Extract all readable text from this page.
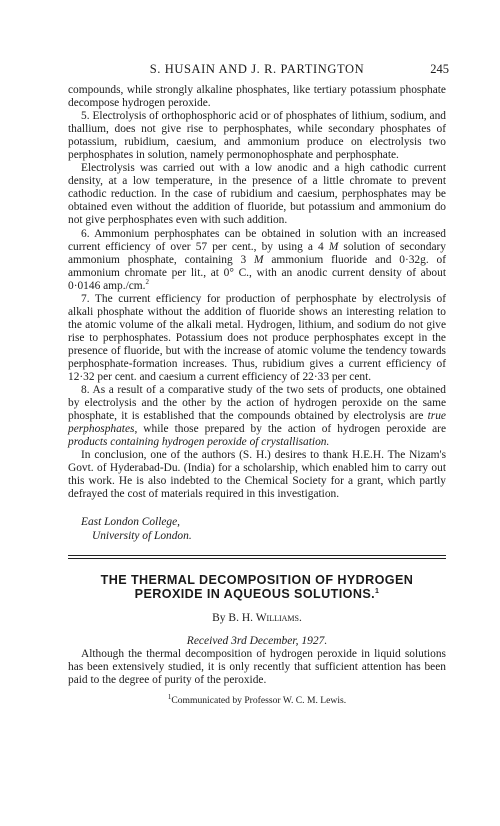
S. HUSAIN AND J. R. PARTINGTON	245

compounds, while strongly alkaline phosphates, like tertiary potassium phosphate decompose hydrogen peroxide.

5. Electrolysis of orthophosphoric acid or of phosphates of lithium, sodium, and thallium, does not give rise to perphosphates, while secondary phosphates of potassium, rubidium, caesium, and ammonium produce on electrolysis two perphosphates in solution, namely permonophosphate and perphosphate.

Electrolysis was carried out with a low anodic and a high cathodic current density, at a low temperature, in the presence of a little chromate to prevent cathodic reduction. In the case of rubidium and caesium, perphosphates may be obtained even without the addition of fluoride, but potassium and ammonium do not give perphosphates even with such addition.

6. Ammonium perphosphates can be obtained in solution with an increased current efficiency of over 57 per cent., by using a 4 M solution of secondary ammonium phosphate, containing 3 M ammonium fluoride and 0·32g. of ammonium chromate per lit., at 0° C., with an anodic current density of about 0·0146 amp./cm.$^2$

7. The current efficiency for production of perphosphate by electrolysis of alkali phosphate without the addition of fluoride shows an interesting relation to the atomic volume of the alkali metal. Hydrogen, lithium, and sodium do not give rise to perphosphates. Potassium does not produce perphosphates except in the presence of fluoride, but with the increase of atomic volume the tendency towards perphosphate-formation increases. Thus, rubidium gives a current efficiency of 12·32 per cent. and caesium a current efficiency of 22·33 per cent.

8. As a result of a comparative study of the two sets of products, one obtained by electrolysis and the other by the action of hydrogen peroxide on the same phosphate, it is established that the compounds obtained by electrolysis are true perphosphates, while those prepared by the action of hydrogen peroxide are products containing hydrogen peroxide of crystallisation.

In conclusion, one of the authors (S. H.) desires to thank H.E.H. The Nizam's Govt. of Hyderabad-Du. (India) for a scholarship, which enabled him to carry out this work. He is also indebted to the Chemical Society for a grant, which partly defrayed the cost of materials required in this investigation.

East London College,
University of London.
THE THERMAL DECOMPOSITION OF HYDROGEN
PEROXIDE IN AQUEOUS SOLUTIONS.$^1$
By B. H. Williams.
Received 3rd December, 1927.

Although the thermal decomposition of hydrogen peroxide in liquid solutions has been extensively studied, it is only recently that sufficient attention has been paid to the degree of purity of the peroxide.

$^1$Communicated by Professor W. C. M. Lewis.
